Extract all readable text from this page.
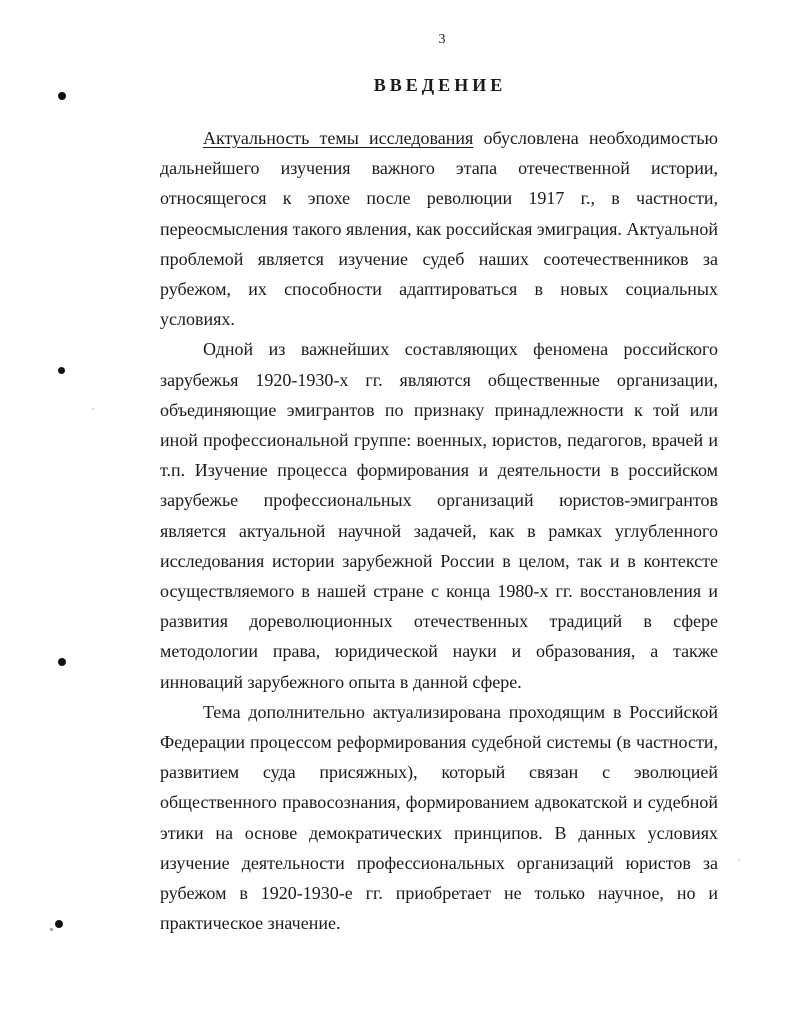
3
ВВЕДЕНИЕ

Актуальность темы исследования обусловлена необходимостью дальнейшего изучения важного этапа отечественной истории, относящегося к эпохе после революции 1917 г., в частности, переосмысления такого явления, как российская эмиграция. Актуальной проблемой является изучение судеб наших соотечественников за рубежом, их способности адаптироваться в новых социальных условиях.

Одной из важнейших составляющих феномена российского зарубежья 1920-1930-х гг. являются общественные организации, объединяющие эмигрантов по признаку принадлежности к той или иной профессиональной группе: военных, юристов, педагогов, врачей и т.п. Изучение процесса формирования и деятельности в российском зарубежье профессиональных организаций юристов-эмигрантов является актуальной научной задачей, как в рамках углубленного исследования истории зарубежной России в целом, так и в контексте осуществляемого в нашей стране с конца 1980-х гг. восстановления и развития дореволюционных отечественных традиций в сфере методологии права, юридической науки и образования, а также инноваций зарубежного опыта в данной сфере.

Тема дополнительно актуализирована проходящим в Российской Федерации процессом реформирования судебной системы (в частности, развитием суда присяжных), который связан с эволюцией общественного правосознания, формированием адвокатской и судебной этики на основе демократических принципов. В данных условиях изучение деятельности профессиональных организаций юристов за рубежом в 1920-1930-е гг. приобретает не только научное, но и практическое значение.
